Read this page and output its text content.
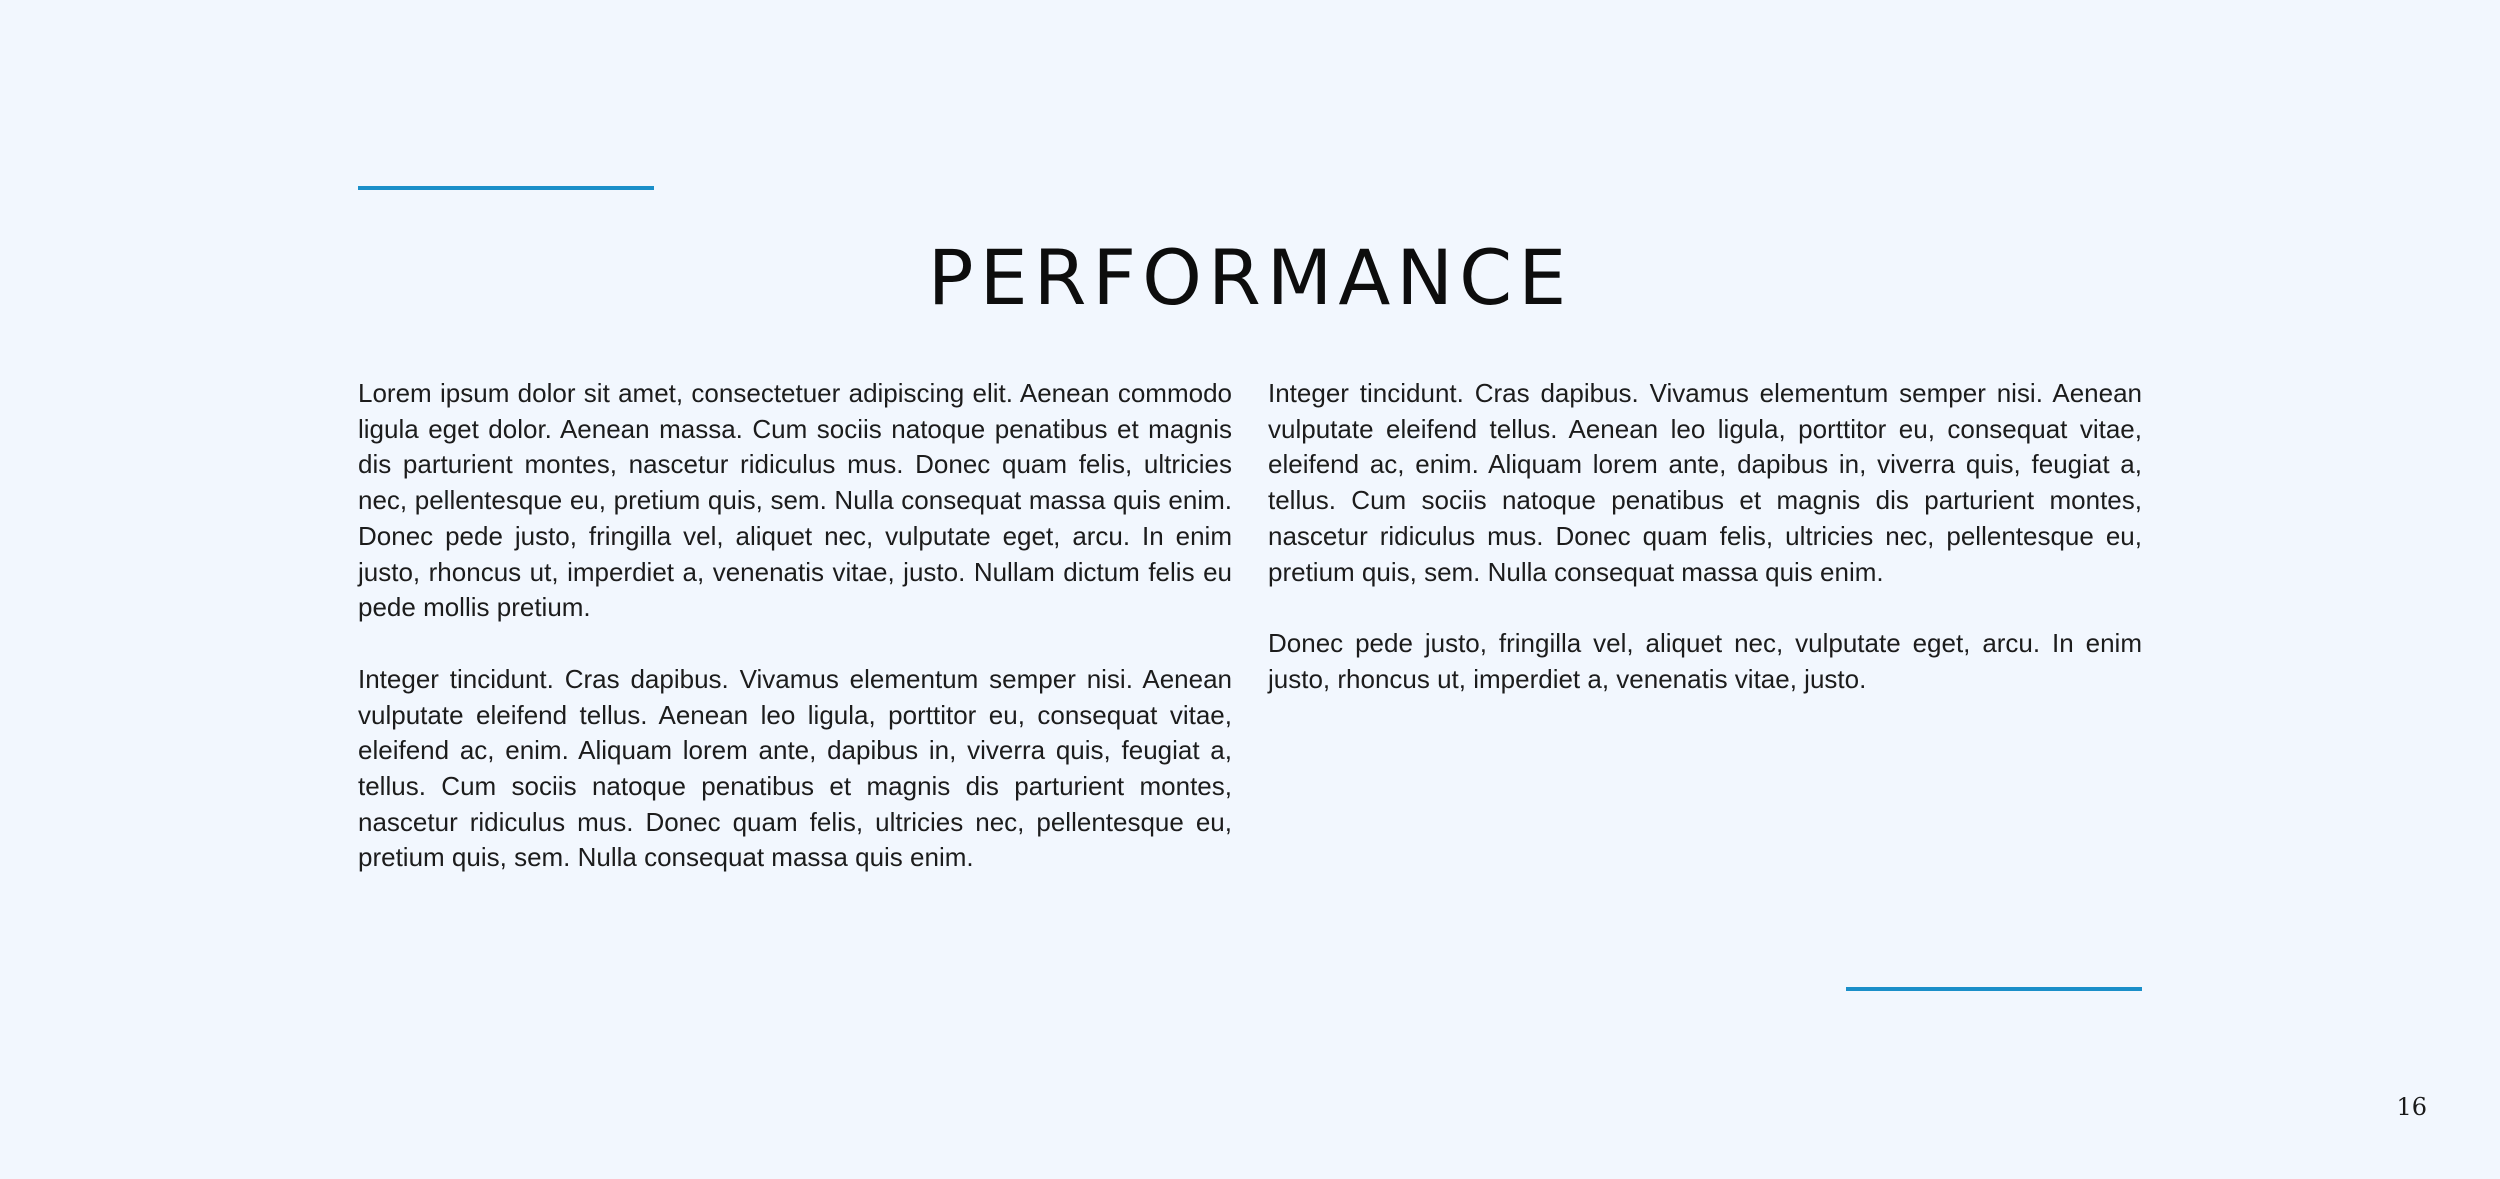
PERFORMANCE

Lorem ipsum dolor sit amet, consectetuer adipiscing elit. Aenean commodo ligula eget dolor. Aenean massa. Cum sociis natoque penatibus et magnis dis parturient montes, nascetur ridiculus mus. Donec quam felis, ultricies nec, pellentesque eu, pretium quis, sem. Nulla consequat massa quis enim. Donec pede justo, fringilla vel, aliquet nec, vulputate eget, arcu. In enim justo, rhoncus ut, imperdiet a, venenatis vitae, justo. Nullam dictum felis eu pede mollis pretium.

Integer tincidunt. Cras dapibus. Vivamus elementum semper nisi. Aenean vulputate eleifend tellus. Aenean leo ligula, porttitor eu, consequat vitae, eleifend ac, enim. Aliquam lorem ante, dapibus in, viverra quis, feugiat a, tellus. Cum sociis natoque penatibus et magnis dis parturient montes, nascetur ridiculus mus. Donec quam felis, ultricies nec, pellentesque eu, pretium quis, sem. Nulla consequat massa quis enim.

Integer tincidunt. Cras dapibus. Vivamus elementum semper nisi. Aenean vulputate eleifend tellus. Aenean leo ligula, porttitor eu, consequat vitae, eleifend ac, enim. Aliquam lorem ante, dapibus in, viverra quis, feugiat a, tellus. Cum sociis natoque penatibus et magnis dis parturient montes, nascetur ridiculus mus. Donec quam felis, ultricies nec, pellentesque eu, pretium quis, sem. Nulla consequat massa quis enim.

Donec pede justo, fringilla vel, aliquet nec, vulputate eget, arcu. In enim justo, rhoncus ut, imperdiet a, venenatis vitae, justo.

16
